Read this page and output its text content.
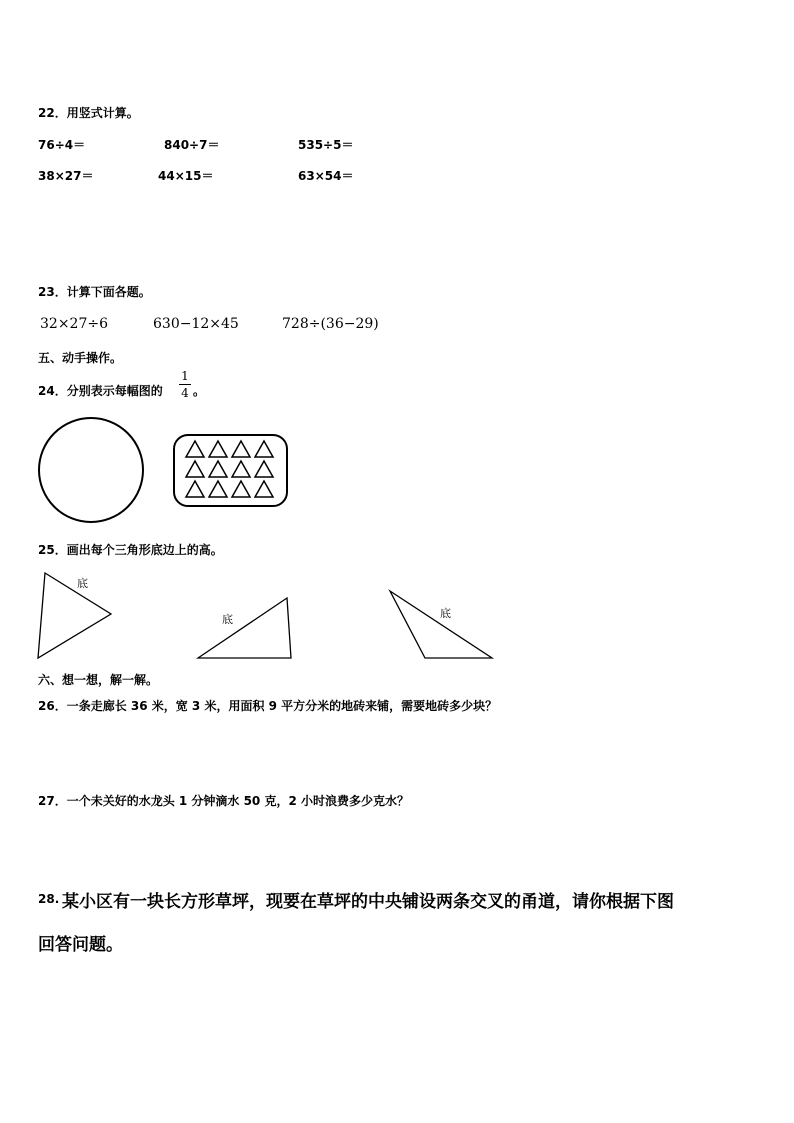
22．用竖式计算。
76÷4＝	840÷7＝	535÷5＝
38×27＝	44×15＝	63×54＝
23．计算下面各题。
32×27÷6	630−12×45	728÷(36−29)
五、动手操作。
24．分别表示每幅图的
1
4 。
底
底	底
25．画出每个三角形底边上的高。
六、想一想，解一解。
26．一条走廊长 36 米，宽 3 米，用面积 9 平方分米的地砖来铺，需要地砖多少块？
27．一个未关好的水龙头 1 分钟滴水 50 克，2 小时浪费多少克水？
28. 某小区有一块长方形草坪，现要在草坪的中央铺设两条交叉的甬道，请你根据下图
回答问题。
